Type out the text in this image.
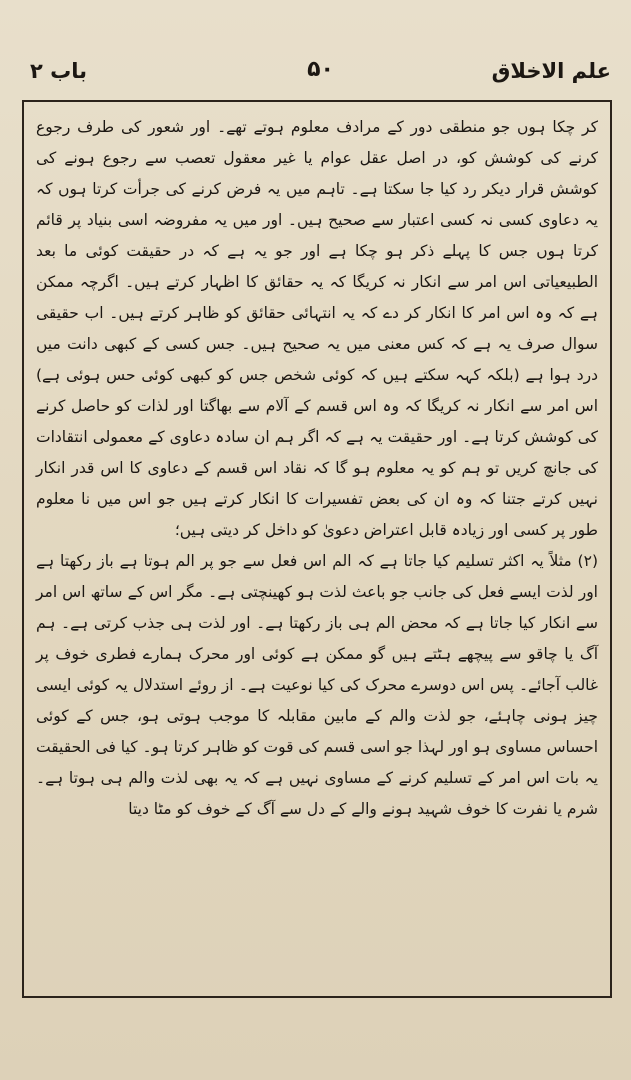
علم الاخلاق
۵۰
باب ۲

کر چکا ہوں جو منطقی دور کے مرادف معلوم ہوتے تھے۔ اور شعور کی طرف رجوع کرنے کی کوشش کو، در اصل عقل عوام یا غیر معقول تعصب سے رجوع ہونے کی کوشش قرار دیکر رد کیا جا سکتا ہے۔ تاہم میں یہ فرض کرنے کی جرأت کرتا ہوں کہ یہ دعاوی کسی نہ کسی اعتبار سے صحیح ہیں۔ اور میں یہ مفروضہ اسی بنیاد پر قائم کرتا ہوں جس کا پہلے ذکر ہو چکا ہے اور جو یہ ہے کہ در حقیقت کوئی ما بعد الطبیعیاتی اس امر سے انکار نہ کریگا کہ یہ حقائق کا اظہار کرتے ہیں۔ اگرچہ ممکن ہے کہ وہ اس امر کا انکار کر دے کہ یہ انتہائی حقائق کو ظاہر کرتے ہیں۔ اب حقیقی سوال صرف یہ ہے کہ کس معنی میں یہ صحیح ہیں۔ جس کسی کے کبھی دانت میں درد ہوا ہے (بلکہ کہہ سکتے ہیں کہ کوئی شخص جس کو کبھی کوئی حس ہوئی ہے) اس امر سے انکار نہ کریگا کہ وہ اس قسم کے آلام سے بھاگتا اور لذات کو حاصل کرنے کی کوشش کرتا ہے۔ اور حقیقت یہ ہے کہ اگر ہم ان سادہ دعاوی کے معمولی انتقادات کی جانچ کریں تو ہم کو یہ معلوم ہو گا کہ نقاد اس قسم کے دعاوی کا اس قدر انکار نہیں کرتے جتنا کہ وہ ان کی بعض تفسیرات کا انکار کرتے ہیں جو اس میں نا معلوم طور پر کسی اور زیادہ قابل اعتراض دعویٰ کو داخل کر دیتی ہیں؛

(۲) مثلاً یہ اکثر تسلیم کیا جاتا ہے کہ الم اس فعل سے جو پر الم ہوتا ہے باز رکھتا ہے اور لذت ایسے فعل کی جانب جو باعث لذت ہو کھینچتی ہے۔ مگر اس کے ساتھ اس امر سے انکار کیا جاتا ہے کہ محض الم ہی باز رکھتا ہے۔ اور لذت ہی جذب کرتی ہے۔ ہم آگ یا چاقو سے پیچھے ہٹتے ہیں گو ممکن ہے کوئی اور محرک ہمارے فطری خوف پر غالب آجائے۔ پس اس دوسرے محرک کی کیا نوعیت ہے۔ از روئے استدلال یہ کوئی ایسی چیز ہونی چاہئے، جو لذت والم کے مابین مقابلہ کا موجب ہوتی ہو، جس کے کوئی احساس مساوی ہو اور لہذا جو اسی قسم کی قوت کو ظاہر کرتا ہو۔ کیا فی الحقیقت یہ بات اس امر کے تسلیم کرنے کے مساوی نہیں ہے کہ یہ بھی لذت والم ہی ہوتا ہے۔ شرم یا نفرت کا خوف شہید ہونے والے کے دل سے آگ کے خوف کو مٹا دیتا
